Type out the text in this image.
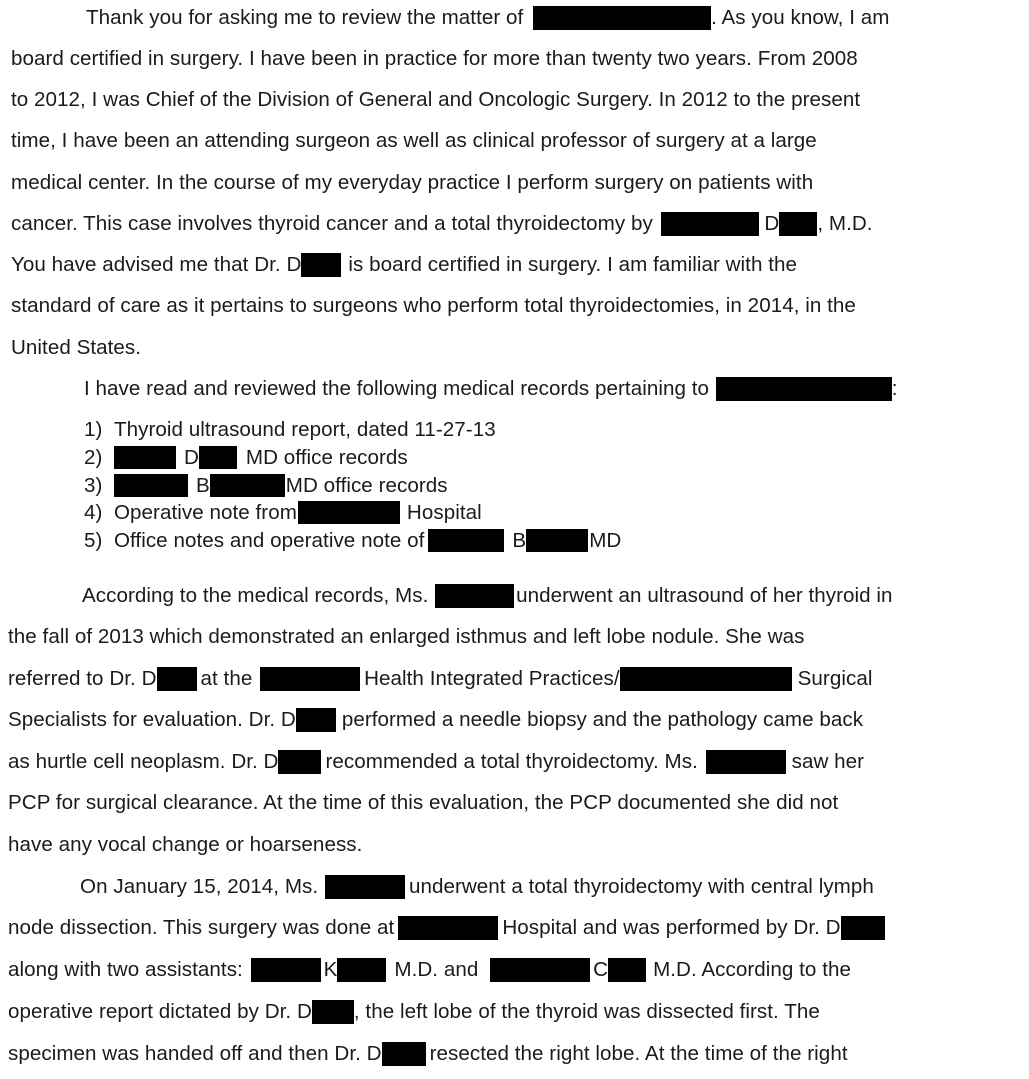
Thank you for asking me to review the matter of	. As you know, I am
board certified in surgery. I have been in practice for more than twenty two years. From 2008
to 2012, I was Chief of the Division of General and Oncologic Surgery. In 2012 to the present
time, I have been an attending surgeon as well as clinical professor of surgery at a large
medical center. In the course of my everyday practice I perform surgery on patients with
cancer. This case involves thyroid cancer and a total thyroidectomy by	D , M.D.
You have advised me that Dr. D is board certified in surgery. I am familiar with the
standard of care as it pertains to surgeons who perform total thyroidectomies, in 2014, in the
United States.
I have read and reviewed the following medical records pertaining to	:
1) Thyroid ultrasound report, dated 11-27-13
2)	D MD office records
3)	B	MD office records
4) Operative note from	Hospital
5) Office notes and operative note of	B	MD
According to the medical records, Ms.	underwent an ultrasound of her thyroid in
the fall of 2013 which demonstrated an enlarged isthmus and left lobe nodule. She was
referred to Dr. D at the	Health Integrated Practices/	Surgical
Specialists for evaluation. Dr. D performed a needle biopsy and the pathology came back
as hurtle cell neoplasm. Dr. D recommended a total thyroidectomy. Ms.	saw her
PCP for surgical clearance. At the time of this evaluation, the PCP documented she did not
have any vocal change or hoarseness.
On January 15, 2014, Ms.	underwent a total thyroidectomy with central lymph
node dissection. This surgery was done at	Hospital and was performed by Dr. D
along with two assistants:	K	M.D. and	C M.D. According to the
operative report dictated by Dr. D , the left lobe of the thyroid was dissected first. The
specimen was handed off and then Dr. D resected the right lobe. At the time of the right
